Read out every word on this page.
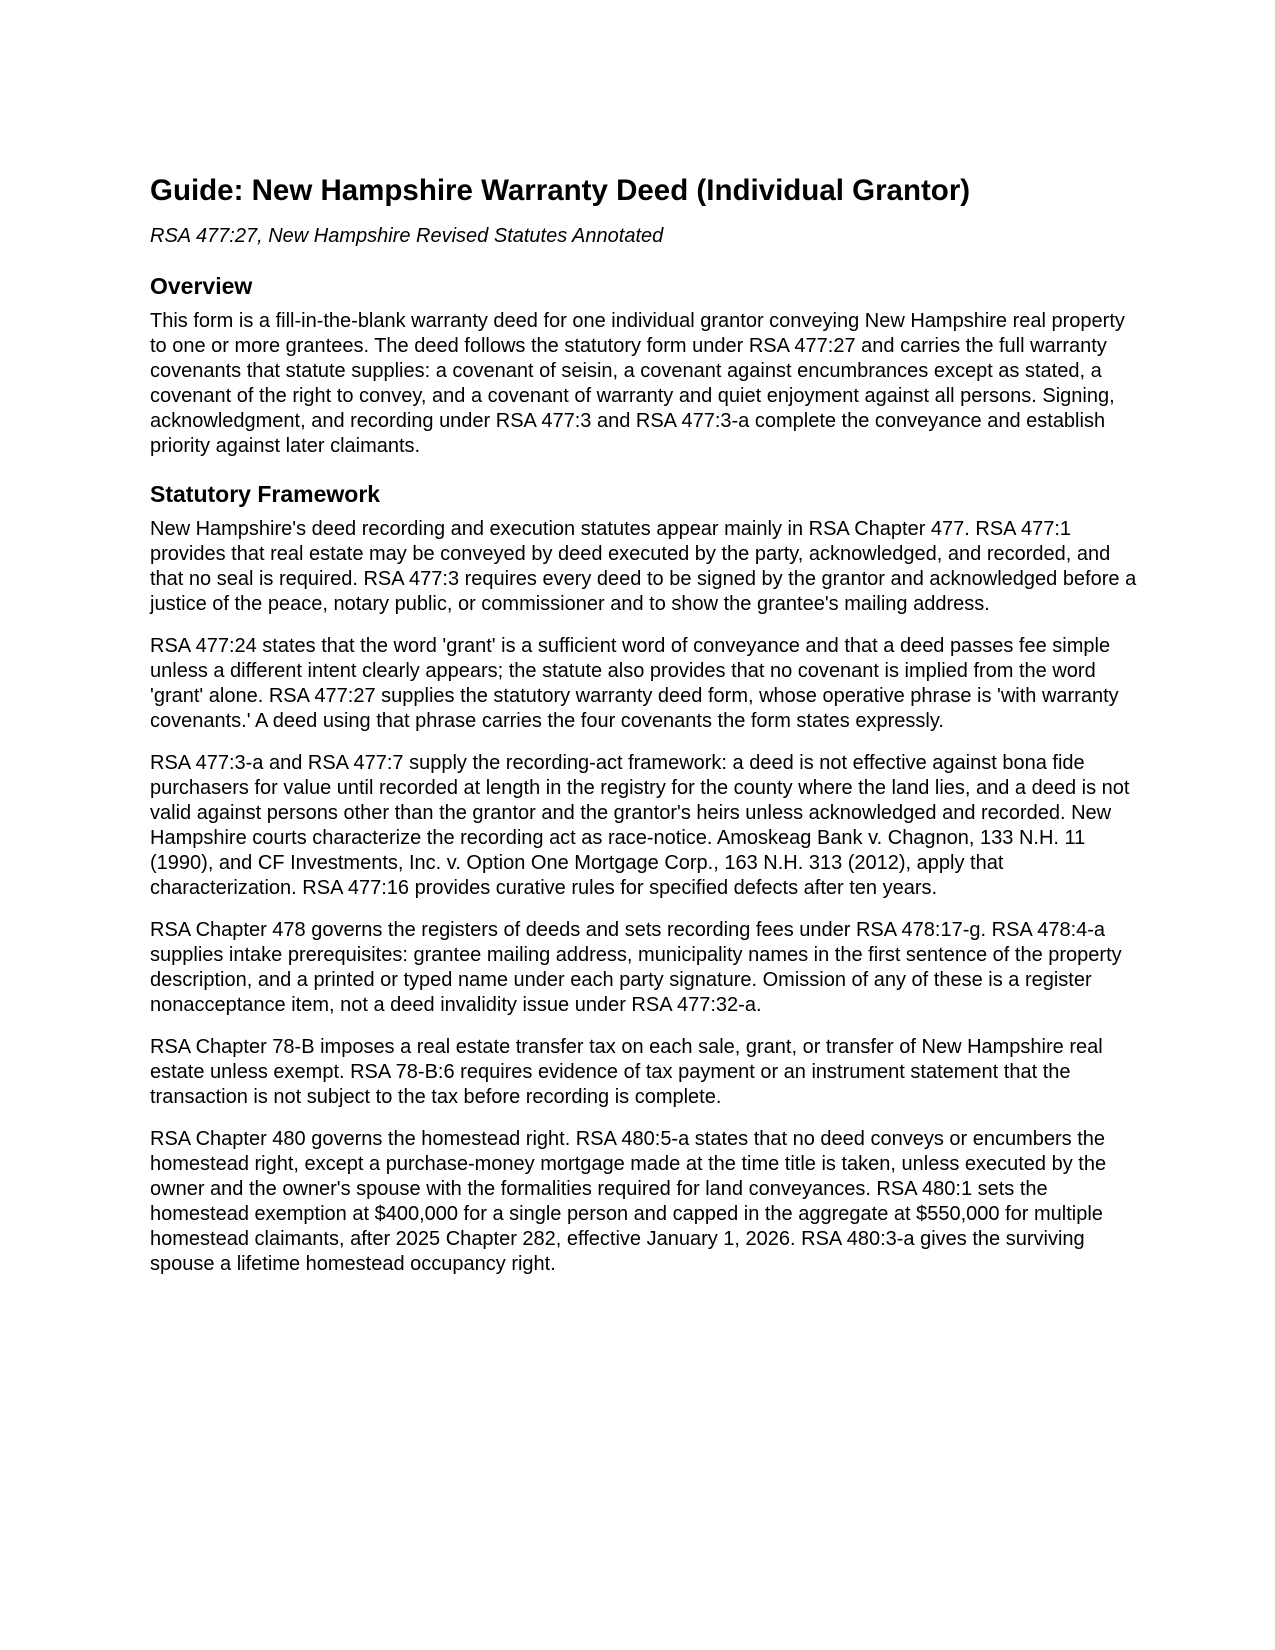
Guide: New Hampshire Warranty Deed (Individual Grantor)
RSA 477:27, New Hampshire Revised Statutes Annotated
Overview

This form is a fill-in-the-blank warranty deed for one individual grantor conveying New Hampshire real property to one or more grantees. The deed follows the statutory form under RSA 477:27 and carries the full warranty covenants that statute supplies: a covenant of seisin, a covenant against encumbrances except as stated, a covenant of the right to convey, and a covenant of warranty and quiet enjoyment against all persons. Signing, acknowledgment, and recording under RSA 477:3 and RSA 477:3-a complete the conveyance and establish priority against later claimants.

Statutory Framework

New Hampshire's deed recording and execution statutes appear mainly in RSA Chapter 477. RSA 477:1 provides that real estate may be conveyed by deed executed by the party, acknowledged, and recorded, and that no seal is required. RSA 477:3 requires every deed to be signed by the grantor and acknowledged before a justice of the peace, notary public, or commissioner and to show the grantee's mailing address.

RSA 477:24 states that the word 'grant' is a sufficient word of conveyance and that a deed passes fee simple unless a different intent clearly appears; the statute also provides that no covenant is implied from the word 'grant' alone. RSA 477:27 supplies the statutory warranty deed form, whose operative phrase is 'with warranty covenants.' A deed using that phrase carries the four covenants the form states expressly.

RSA 477:3-a and RSA 477:7 supply the recording-act framework: a deed is not effective against bona fide purchasers for value until recorded at length in the registry for the county where the land lies, and a deed is not valid against persons other than the grantor and the grantor's heirs unless acknowledged and recorded. New Hampshire courts characterize the recording act as race-notice. Amoskeag Bank v. Chagnon, 133 N.H. 11 (1990), and CF Investments, Inc. v. Option One Mortgage Corp., 163 N.H. 313 (2012), apply that characterization. RSA 477:16 provides curative rules for specified defects after ten years.

RSA Chapter 478 governs the registers of deeds and sets recording fees under RSA 478:17-g. RSA 478:4-a supplies intake prerequisites: grantee mailing address, municipality names in the first sentence of the property description, and a printed or typed name under each party signature. Omission of any of these is a register nonacceptance item, not a deed invalidity issue under RSA 477:32-a.

RSA Chapter 78-B imposes a real estate transfer tax on each sale, grant, or transfer of New Hampshire real estate unless exempt. RSA 78-B:6 requires evidence of tax payment or an instrument statement that the transaction is not subject to the tax before recording is complete.

RSA Chapter 480 governs the homestead right. RSA 480:5-a states that no deed conveys or encumbers the homestead right, except a purchase-money mortgage made at the time title is taken, unless executed by the owner and the owner's spouse with the formalities required for land conveyances. RSA 480:1 sets the homestead exemption at $400,000 for a single person and capped in the aggregate at $550,000 for multiple homestead claimants, after 2025 Chapter 282, effective January 1, 2026. RSA 480:3-a gives the surviving spouse a lifetime homestead occupancy right.
